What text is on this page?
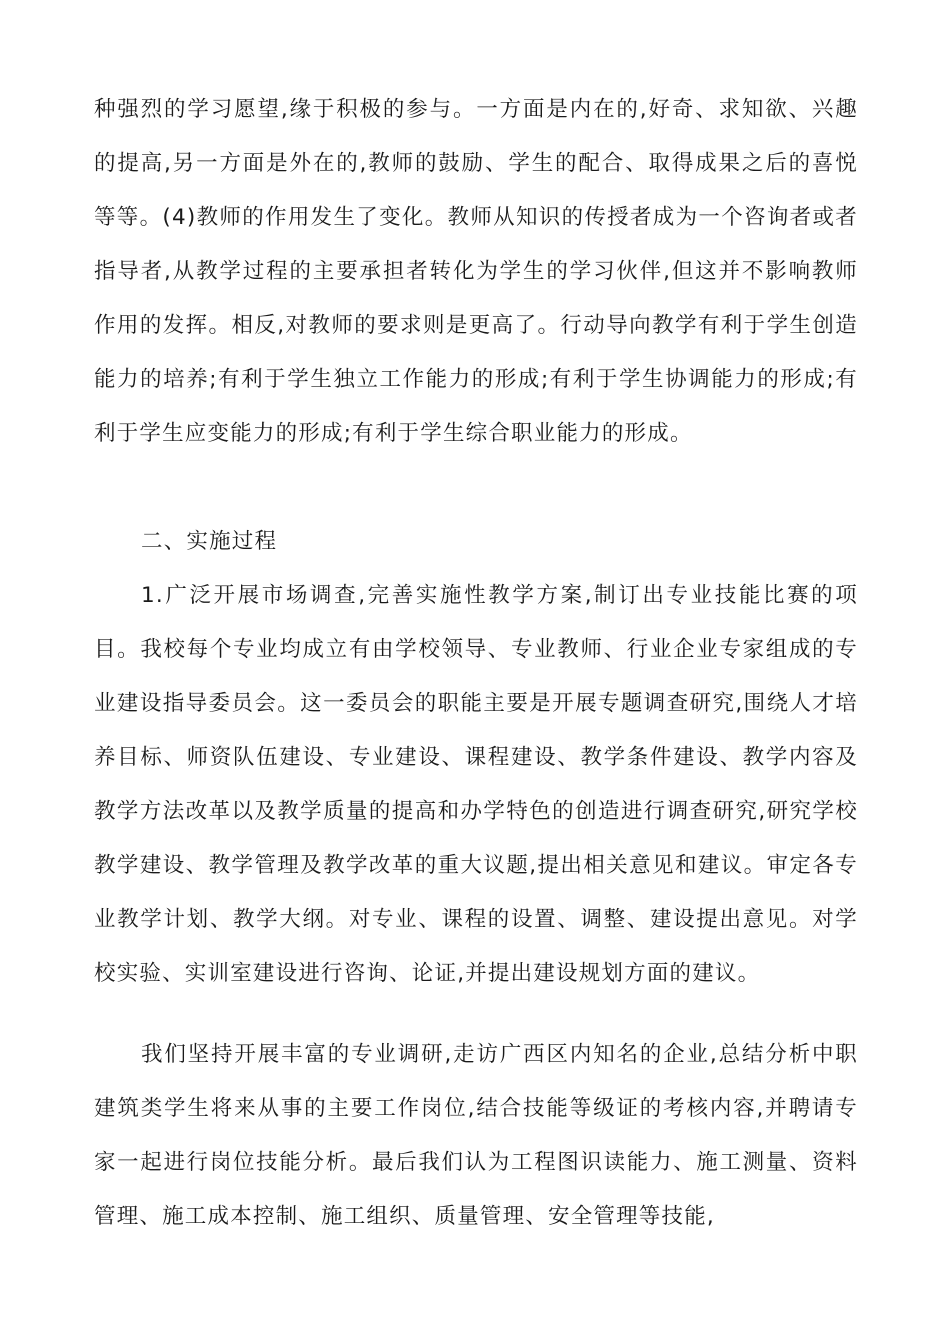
种强烈的学习愿望,缘于积极的参与。一方面是内在的,好奇、求知欲、兴趣的提高,另一方面是外在的,教师的鼓励、学生的配合、取得成果之后的喜悦等等。(4)教师的作用发生了变化。教师从知识的传授者成为一个咨询者或者指导者,从教学过程的主要承担者转化为学生的学习伙伴,但这并不影响教师作用的发挥。相反,对教师的要求则是更高了。行动导向教学有利于学生创造能力的培养;有利于学生独立工作能力的形成;有利于学生协调能力的形成;有利于学生应变能力的形成;有利于学生综合职业能力的形成。

二、实施过程

1.广泛开展市场调查,完善实施性教学方案,制订出专业技能比赛的项目。我校每个专业均成立有由学校领导、专业教师、行业企业专家组成的专业建设指导委员会。这一委员会的职能主要是开展专题调查研究,围绕人才培养目标、师资队伍建设、专业建设、课程建设、教学条件建设、教学内容及教学方法改革以及教学质量的提高和办学特色的创造进行调查研究,研究学校教学建设、教学管理及教学改革的重大议题,提出相关意见和建议。审定各专业教学计划、教学大纲。对专业、课程的设置、调整、建设提出意见。对学校实验、实训室建设进行咨询、论证,并提出建设规划方面的建议。

我们坚持开展丰富的专业调研,走访广西区内知名的企业,总结分析中职建筑类学生将来从事的主要工作岗位,结合技能等级证的考核内容,并聘请专家一起进行岗位技能分析。最后我们认为工程图识读能力、施工测量、资料管理、施工成本控制、施工组织、质量管理、安全管理等技能,
